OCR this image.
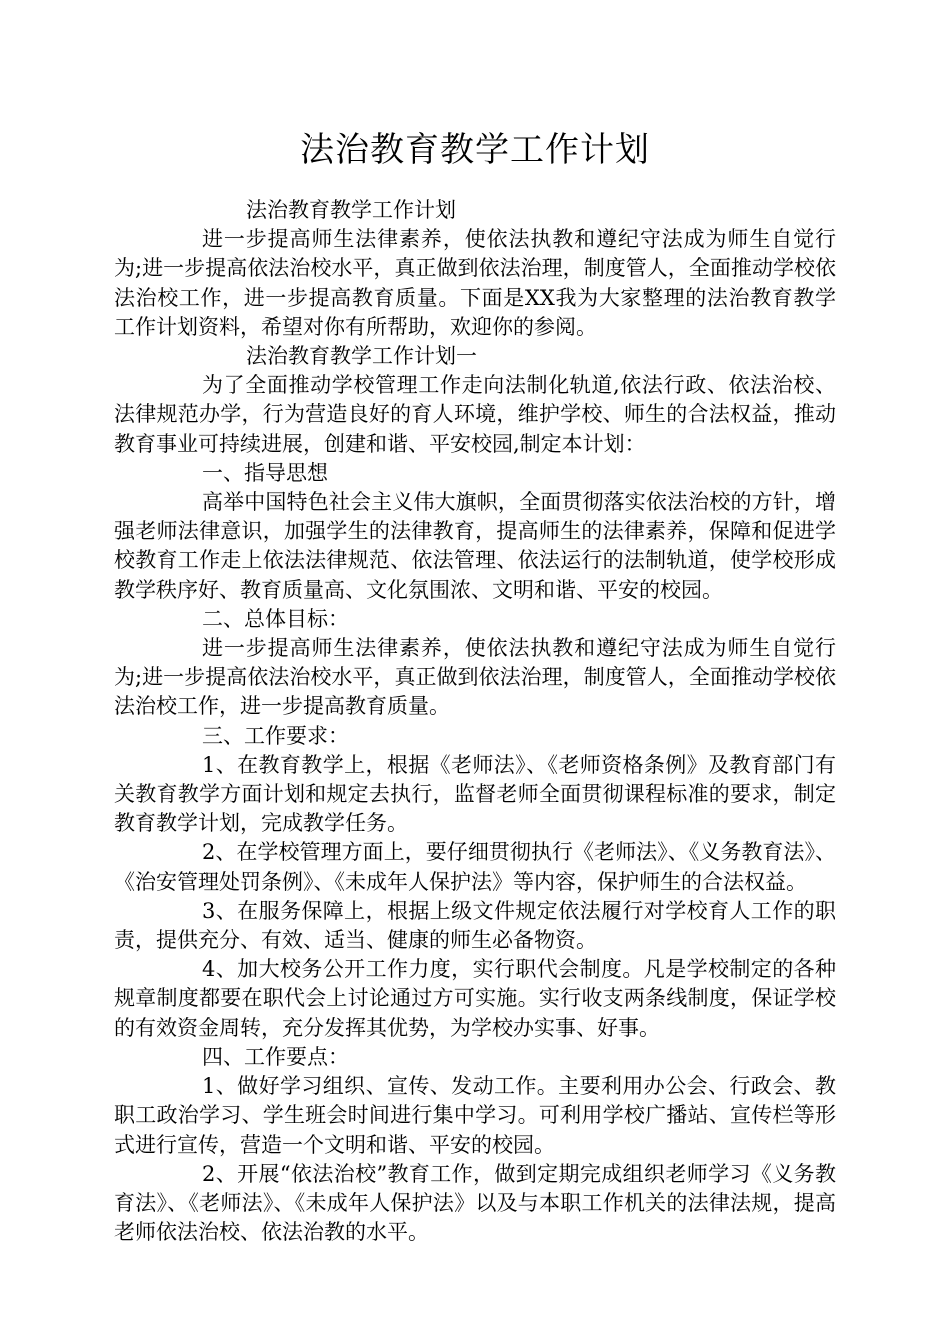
法治教育教学工作计划

法治教育教学工作计划

进一步提高师生法律素养，使依法执教和遵纪守法成为师生自觉行为;进一步提高依法治校水平，真正做到依法治理，制度管人，全面推动学校依法治校工作，进一步提高教育质量。下面是XX我为大家整理的法治教育教学工作计划资料，希望对你有所帮助，欢迎你的参阅。

法治教育教学工作计划一

为了全面推动学校管理工作走向法制化轨道,依法行政、依法治校、法律规范办学，行为营造良好的育人环境，维护学校、师生的合法权益，推动教育事业可持续进展，创建和谐、平安校园,制定本计划：

一、指导思想

高举中国特色社会主义伟大旗帜，全面贯彻落实依法治校的方针，增强老师法律意识，加强学生的法律教育，提高师生的法律素养，保障和促进学校教育工作走上依法法律规范、依法管理、依法运行的法制轨道，使学校形成教学秩序好、教育质量高、文化氛围浓、文明和谐、平安的校园。

二、总体目标：

进一步提高师生法律素养，使依法执教和遵纪守法成为师生自觉行为;进一步提高依法治校水平，真正做到依法治理，制度管人，全面推动学校依法治校工作，进一步提高教育质量。

三、工作要求：

1、在教育教学上，根据《老师法》、《老师资格条例》及教育部门有关教育教学方面计划和规定去执行，监督老师全面贯彻课程标准的要求，制定教育教学计划，完成教学任务。

2、在学校管理方面上，要仔细贯彻执行《老师法》、《义务教育法》、《治安管理处罚条例》、《未成年人保护法》等内容，保护师生的合法权益。

3、在服务保障上，根据上级文件规定依法履行对学校育人工作的职责，提供充分、有效、适当、健康的师生必备物资。

4、加大校务公开工作力度，实行职代会制度。凡是学校制定的各种规章制度都要在职代会上讨论通过方可实施。实行收支两条线制度，保证学校的有效资金周转，充分发挥其优势，为学校办实事、好事。

四、工作要点：

1、做好学习组织、宣传、发动工作。主要利用办公会、行政会、教职工政治学习、学生班会时间进行集中学习。可利用学校广播站、宣传栏等形式进行宣传，营造一个文明和谐、平安的校园。

2、开展“依法治校”教育工作，做到定期完成组织老师学习《义务教育法》、《老师法》、《未成年人保护法》以及与本职工作机关的法律法规，提高老师依法治校、依法治教的水平。
